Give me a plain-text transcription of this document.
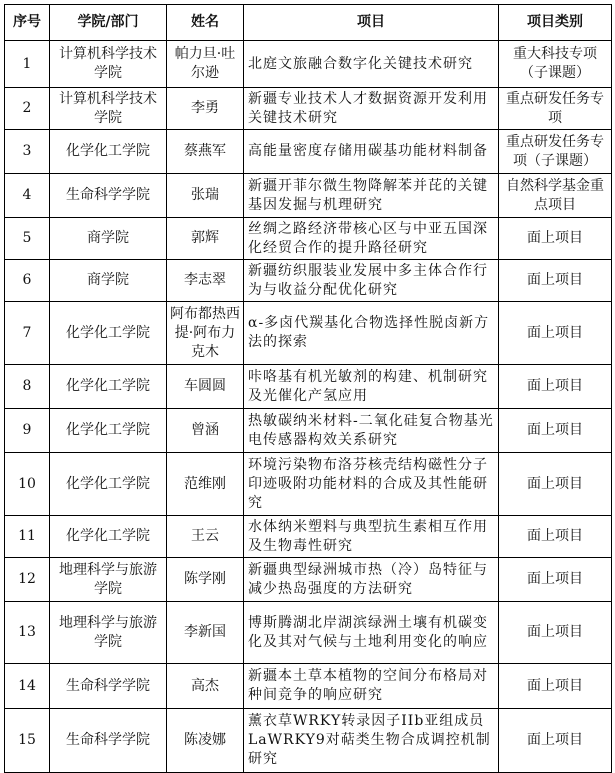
序号	学院/部门	姓名	项目	项目类别
1	计算机科学技术学院	帕力旦·吐尔逊	北庭文旅融合数字化关键技术研究	重大科技专项（子课题）
2	计算机科学技术学院	李勇	新疆专业技术人才数据资源开发利用关键技术研究	重点研发任务专项
3	化学化工学院	蔡燕军	高能量密度存储用碳基功能材料制备	重点研发任务专项（子课题）
4	生命科学学院	张瑞	新疆开菲尔微生物降解苯并芘的关键基因发掘与机理研究	自然科学基金重点项目
5	商学院	郭辉	丝绸之路经济带核心区与中亚五国深化经贸合作的提升路径研究	面上项目
6	商学院	李志翠	新疆纺织服装业发展中多主体合作行为与收益分配优化研究	面上项目
7	化学化工学院	阿布都热西提·阿布力克木	α-多卤代羰基化合物选择性脱卤新方法的探索	面上项目
8	化学化工学院	车圆圆	咔咯基有机光敏剂的构建、机制研究及光催化产氢应用	面上项目
9	化学化工学院	曾涵	热敏碳纳米材料-二氧化硅复合物基光电传感器构效关系研究	面上项目
10	化学化工学院	范维刚	环境污染物布洛芬核壳结构磁性分子印迹吸附功能材料的合成及其性能研究	面上项目
11	化学化工学院	王云	水体纳米塑料与典型抗生素相互作用及生物毒性研究	面上项目
12	地理科学与旅游学院	陈学刚	新疆典型绿洲城市热（冷）岛特征与减少热岛强度的方法研究	面上项目
13	地理科学与旅游学院	李新国	博斯腾湖北岸湖滨绿洲土壤有机碳变化及其对气候与土地利用变化的响应	面上项目
14	生命科学学院	高杰	新疆本土草本植物的空间分布格局对种间竞争的响应研究	面上项目
15	生命科学学院	陈凌娜	薰衣草WRKY转录因子IIb亚组成员LaWRKY9对萜类生物合成调控机制研究	面上项目
